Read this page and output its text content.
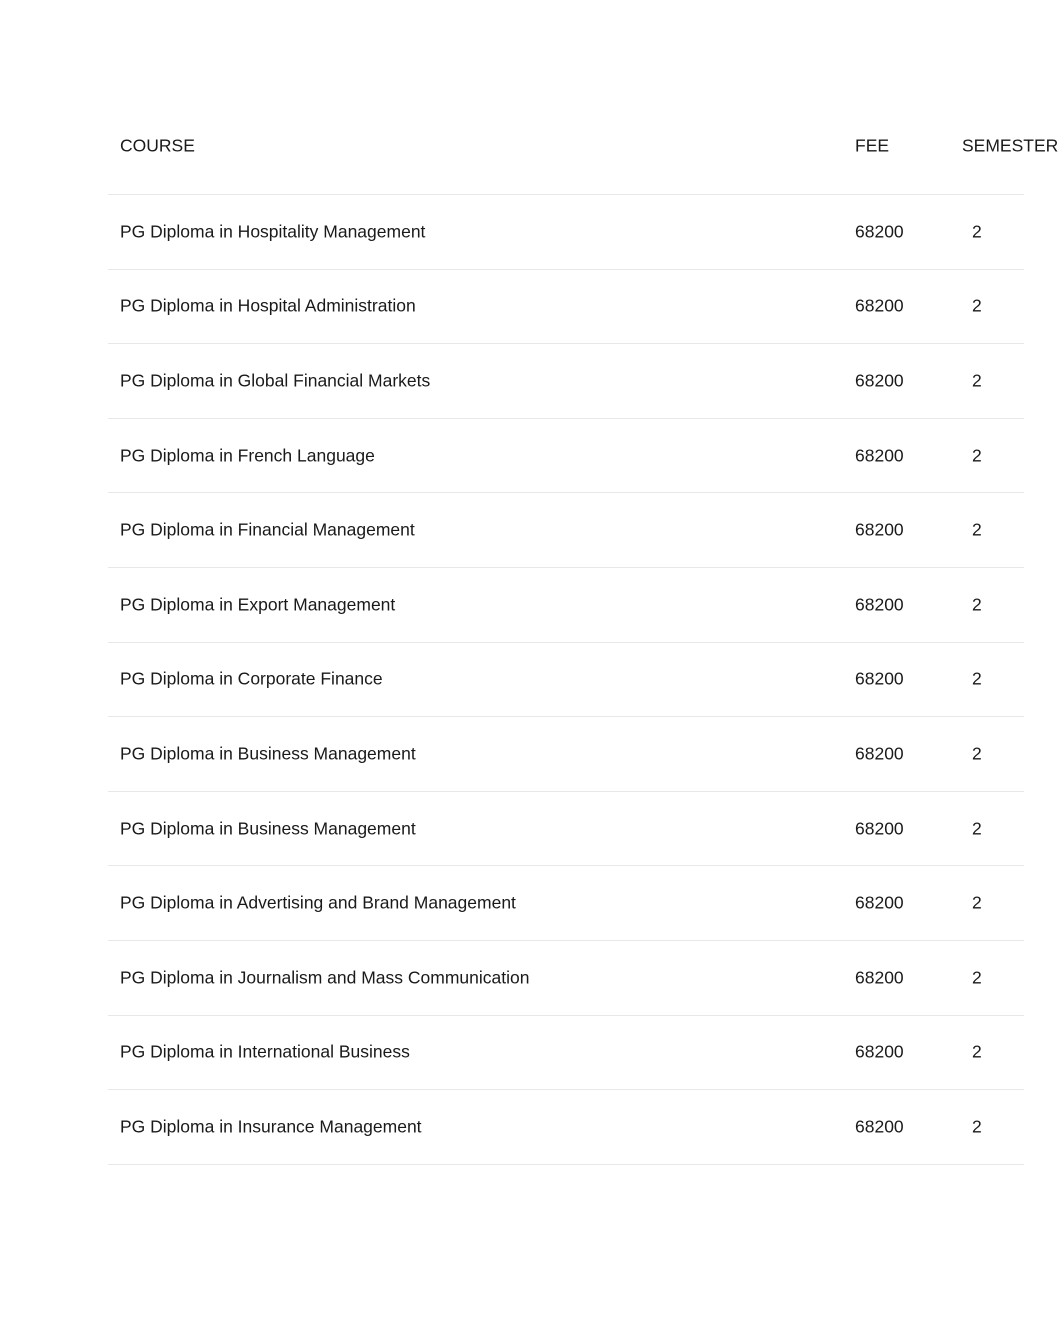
COURSE	FEE	SEMESTER
PG Diploma in Hospitality Management	68200	2
PG Diploma in Hospital Administration	68200	2
PG Diploma in Global Financial Markets	68200	2
PG Diploma in French Language	68200	2
PG Diploma in Financial Management	68200	2
PG Diploma in Export Management	68200	2
PG Diploma in Corporate Finance	68200	2
PG Diploma in Business Management	68200	2
PG Diploma in Business Management	68200	2
PG Diploma in Advertising and Brand Management	68200	2
PG Diploma in Journalism and Mass Communication	68200	2
PG Diploma in International Business	68200	2
PG Diploma in Insurance Management	68200	2
